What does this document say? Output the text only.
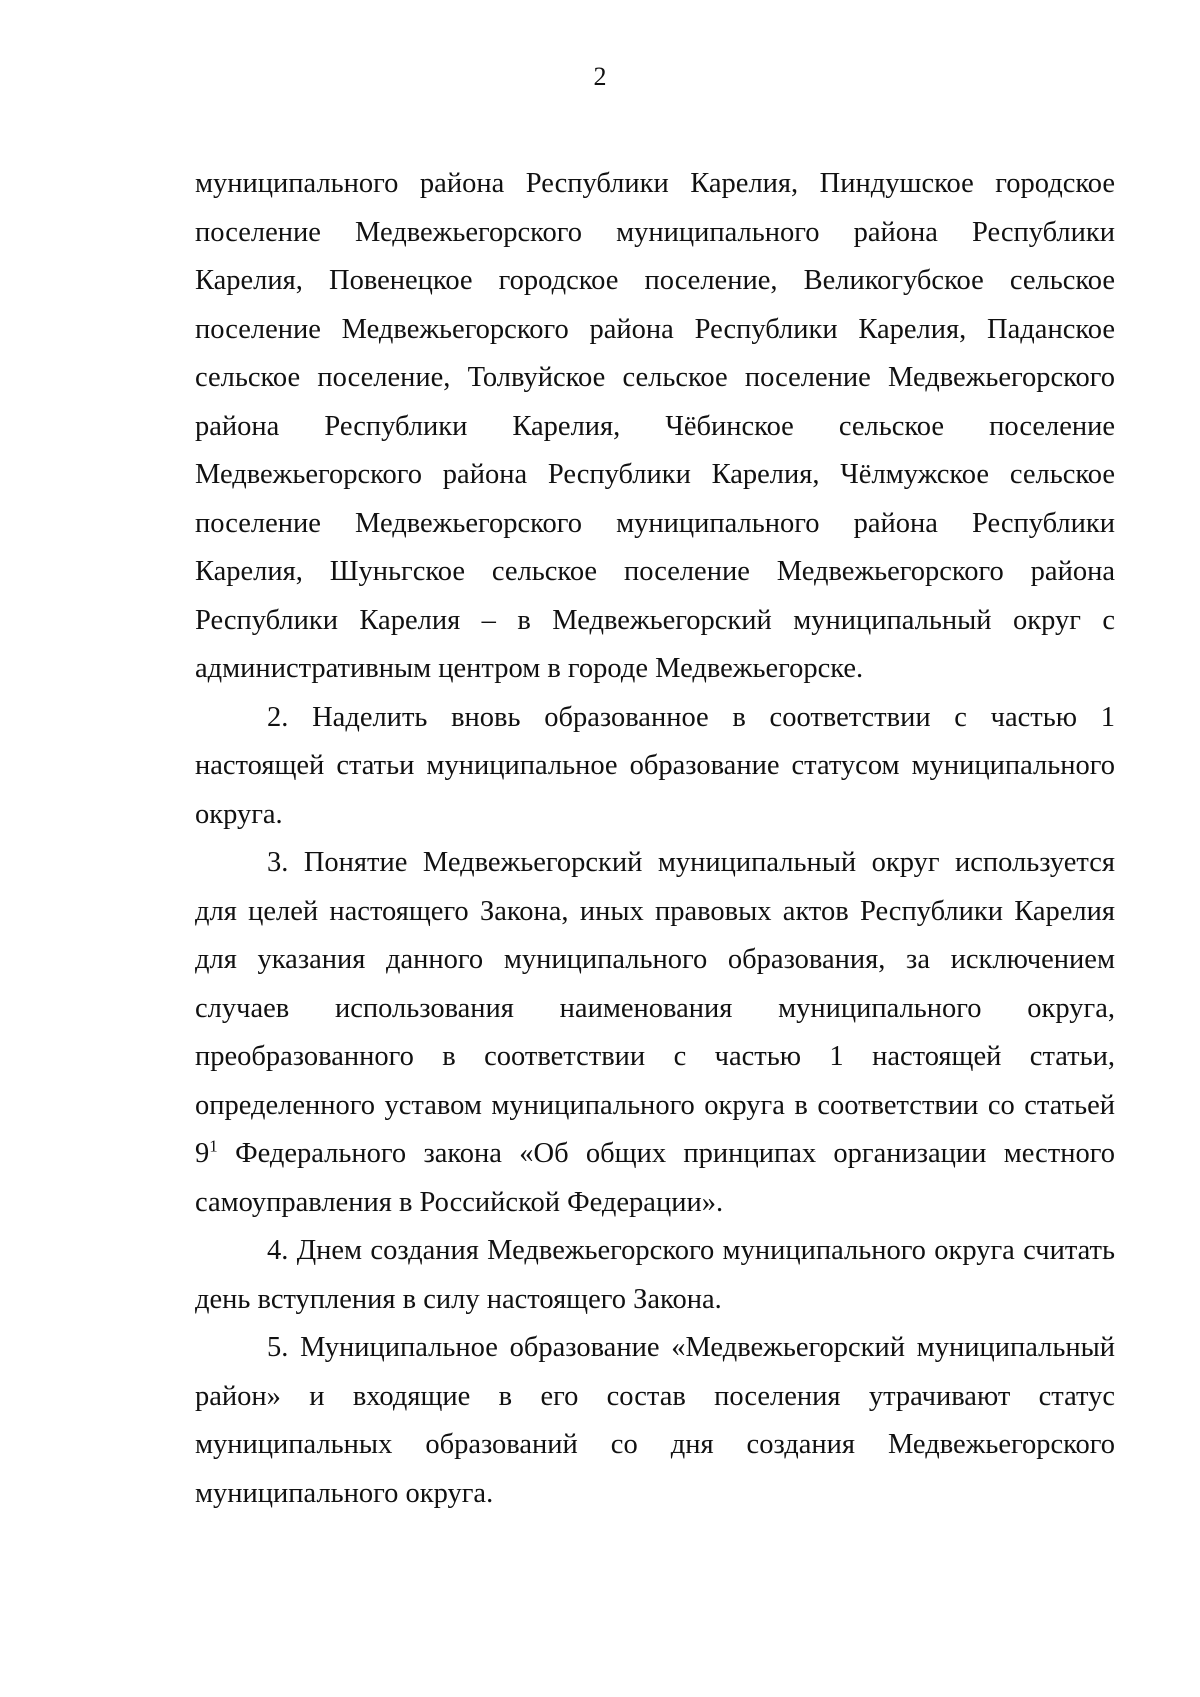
2

муниципального района Республики Карелия, Пиндушское городское поселение Медвежьегорского муниципального района Республики Карелия, Повенецкое городское поселение, Великогубское сельское поселение Медвежьегорского района Республики Карелия, Паданское сельское поселение, Толвуйское сельское поселение Медвежьегорского района Республики Карелия, Чёбинское сельское поселение Медвежьегорского района Республики Карелия, Чёлмужское сельское поселение Медвежьегорского муниципального района Республики Карелия, Шуньгское сельское поселение Медвежьегорского района Республики Карелия – в Медвежьегорский муниципальный округ с административным центром в городе Медвежьегорске.

2. Наделить вновь образованное в соответствии с частью 1 настоящей статьи муниципальное образование статусом муниципального округа.

3. Понятие Медвежьегорский муниципальный округ используется для целей настоящего Закона, иных правовых актов Республики Карелия для указания данного муниципального образования, за исключением случаев использования наименования муниципального округа, преобразованного в соответствии с частью 1 настоящей статьи, определенного уставом муниципального округа в соответствии со статьей $9^1$ Федерального закона «Об общих принципах организации местного самоуправления в Российской Федерации».

4. Днем создания Медвежьегорского муниципального округа считать день вступления в силу настоящего Закона.

5. Муниципальное образование «Медвежьегорский муниципальный район» и входящие в его состав поселения утрачивают статус муниципальных образований со дня создания Медвежьегорского муниципального округа.
